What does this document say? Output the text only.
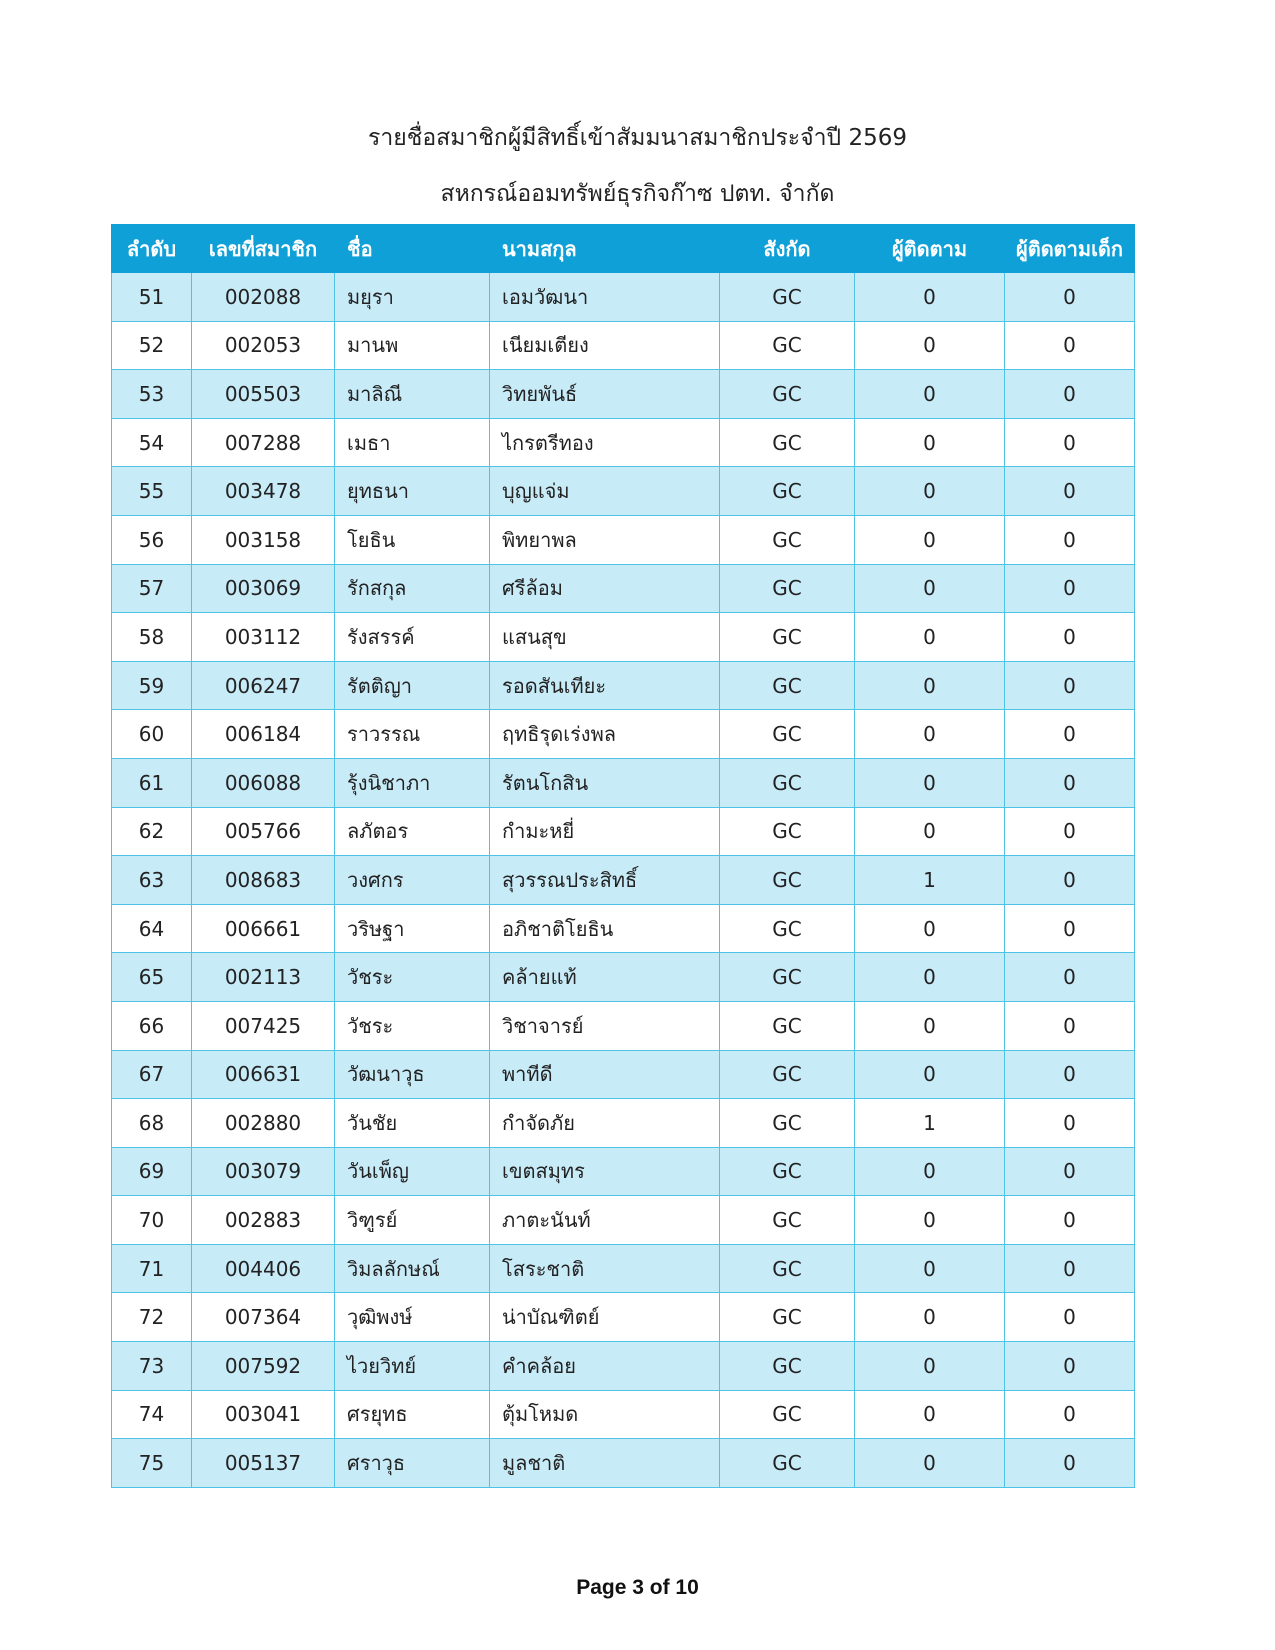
รายชื่อสมาชิกผู้มีสิทธิ์เข้าสัมมนาสมาชิกประจำปี 2569
สหกรณ์ออมทรัพย์ธุรกิจก๊าซ ปตท. จำกัด
ลำดับ	เลขที่สมาชิก	ชื่อ	นามสกุล	สังกัด	ผู้ติดตาม	ผู้ติดตามเด็ก
51	002088	มยุรา	เอมวัฒนา	GC	0	0
52	002053	มานพ	เนียมเตียง	GC	0	0
53	005503	มาลิณี	วิทยพันธ์	GC	0	0
54	007288	เมธา	ไกรตรีทอง	GC	0	0
55	003478	ยุทธนา	บุญแจ่ม	GC	0	0
56	003158	โยธิน	พิทยาพล	GC	0	0
57	003069	รักสกุล	ศรีล้อม	GC	0	0
58	003112	รังสรรค์	แสนสุข	GC	0	0
59	006247	รัตติญา	รอดสันเทียะ	GC	0	0
60	006184	ราวรรณ	ฤทธิรุดเร่งพล	GC	0	0
61	006088	รุ้งนิชาภา	รัตนโกสิน	GC	0	0
62	005766	ลภัตอร	กำมะหยี่	GC	0	0
63	008683	วงศกร	สุวรรณประสิทธิ์	GC	1	0
64	006661	วริษฐา	อภิชาติโยธิน	GC	0	0
65	002113	วัชระ	คล้ายแท้	GC	0	0
66	007425	วัชระ	วิชาจารย์	GC	0	0
67	006631	วัฒนาวุธ	พาทีดี	GC	0	0
68	002880	วันชัย	กำจัดภัย	GC	1	0
69	003079	วันเพ็ญ	เขตสมุทร	GC	0	0
70	002883	วิฑูรย์	ภาตะนันท์	GC	0	0
71	004406	วิมลลักษณ์	โสระชาติ	GC	0	0
72	007364	วุฒิพงษ์	น่าบัณฑิตย์	GC	0	0
73	007592	ไวยวิทย์	คำคล้อย	GC	0	0
74	003041	ศรยุทธ	ตุ้มโหมด	GC	0	0
75	005137	ศราวุธ	มูลชาติ	GC	0	0
Page 3 of 10
